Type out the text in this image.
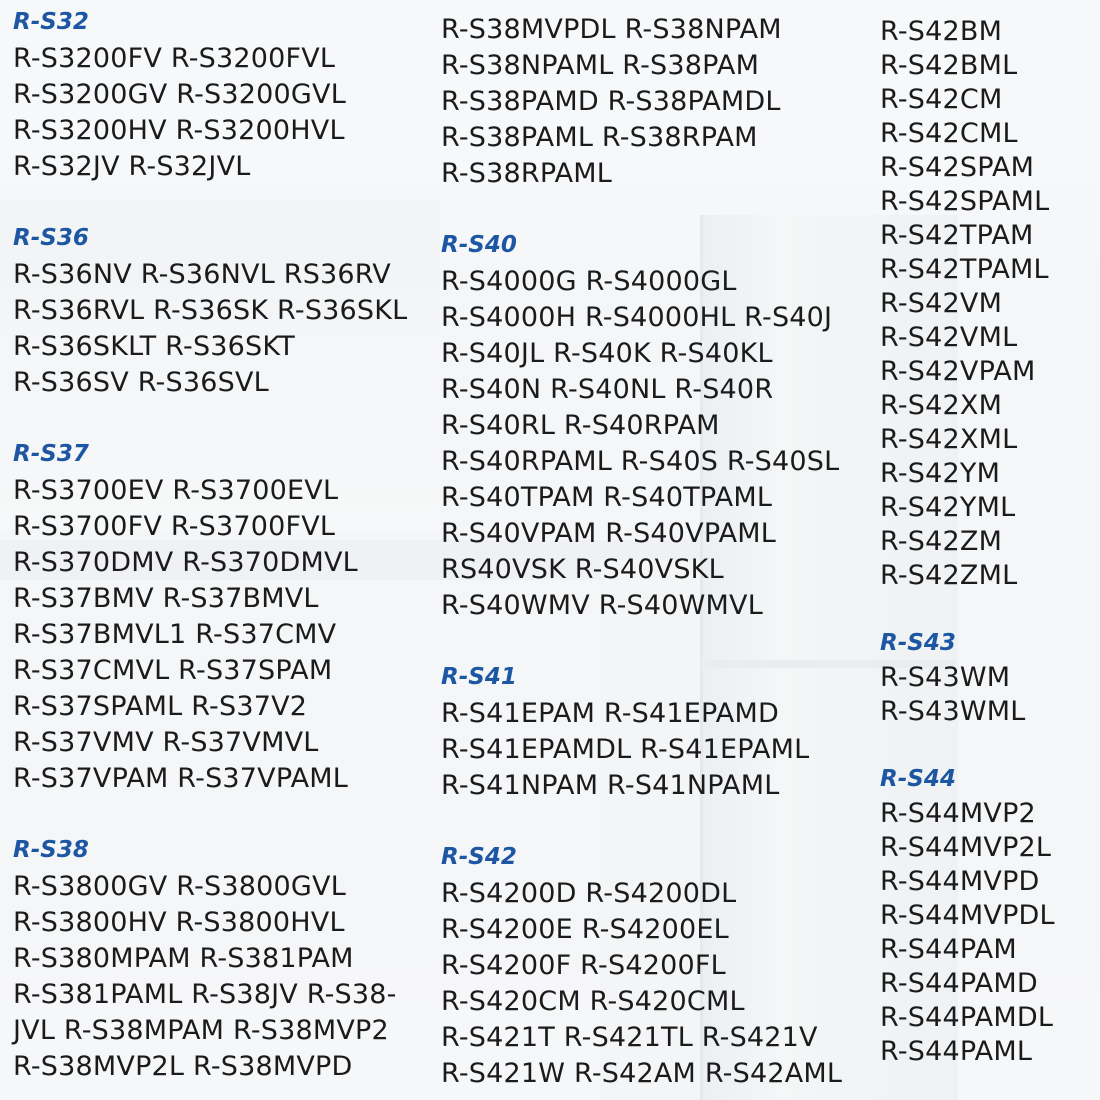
R-S32
R-S3200FV R-S3200FVL
R-S3200GV R-S3200GVL
R-S3200HV R-S3200HVL
R-S32JV R-S32JVL
R-S36
R-S36NV R-S36NVL RS36RV
R-S36RVL R-S36SK R-S36SKL
R-S36SKLT R-S36SKT
R-S36SV R-S36SVL
R-S37
R-S3700EV R-S3700EVL
R-S3700FV R-S3700FVL
R-S370DMV R-S370DMVL
R-S37BMV R-S37BMVL
R-S37BMVL1 R-S37CMV
R-S37CMVL R-S37SPAM
R-S37SPAML R-S37V2
R-S37VMV R-S37VMVL
R-S37VPAM R-S37VPAML
R-S38
R-S3800GV R-S3800GVL
R-S3800HV R-S3800HVL
R-S380MPAM R-S381PAM
R-S381PAML R-S38JV R-S38-
JVL R-S38MPAM R-S38MVP2
R-S38MVP2L R-S38MVPD
R-S38MVPDL R-S38NPAM
R-S38NPAML R-S38PAM
R-S38PAMD R-S38PAMDL
R-S38PAML R-S38RPAM
R-S38RPAML
R-S40
R-S4000G R-S4000GL
R-S4000H R-S4000HL R-S40J
R-S40JL R-S40K R-S40KL
R-S40N R-S40NL R-S40R
R-S40RL R-S40RPAM
R-S40RPAML R-S40S R-S40SL
R-S40TPAM R-S40TPAML
R-S40VPAM R-S40VPAML
RS40VSK R-S40VSKL
R-S40WMV R-S40WMVL
R-S41
R-S41EPAM R-S41EPAMD
R-S41EPAMDL R-S41EPAML
R-S41NPAM R-S41NPAML
R-S42
R-S4200D R-S4200DL
R-S4200E R-S4200EL
R-S4200F R-S4200FL
R-S420CM R-S420CML
R-S421T R-S421TL R-S421V
R-S421W R-S42AM R-S42AML
R-S42BM
R-S42BML
R-S42CM
R-S42CML
R-S42SPAM
R-S42SPAML
R-S42TPAM
R-S42TPAML
R-S42VM
R-S42VML
R-S42VPAM
R-S42XM
R-S42XML
R-S42YM
R-S42YML
R-S42ZM
R-S42ZML
R-S43
R-S43WM
R-S43WML
R-S44
R-S44MVP2
R-S44MVP2L
R-S44MVPD
R-S44MVPDL
R-S44PAM
R-S44PAMD
R-S44PAMDL
R-S44PAML
